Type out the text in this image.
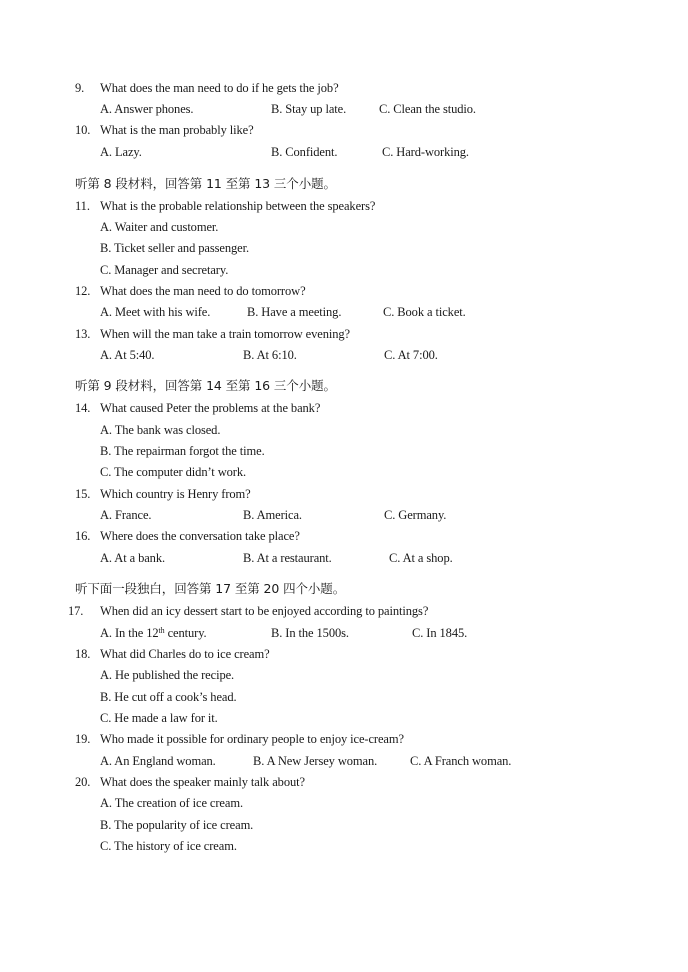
9. What does the man need to do if he gets the job?
A. Answer phones.	B. Stay up late.	C. Clean the studio.
10. What is the man probably like?
A. Lazy.	B. Confident.	C. Hard-working.
听第 8 段材料，回答第 11 至第 13 三个小题。
11. What is the probable relationship between the speakers?
A. Waiter and customer.
B. Ticket seller and passenger.
C. Manager and secretary.
12. What does the man need to do tomorrow?
A. Meet with his wife.	B. Have a meeting.	C. Book a ticket.
13. When will the man take a train tomorrow evening?
A. At 5:40.	B. At 6:10.	C. At 7:00.
听第 9 段材料，回答第 14 至第 16 三个小题。
14. What caused Peter the problems at the bank?
A. The bank was closed.
B. The repairman forgot the time.
C. The computer didn’t work.
15. Which country is Henry from?
A. France.	B. America.	C. Germany.
16. Where does the conversation take place?
A. At a bank.	B. At a restaurant.	C. At a shop.
听下面一段独白，回答第 17 至第 20 四个小题。
17. When did an icy dessert start to be enjoyed according to paintings?
A. In the 12th century.	B. In the 1500s.	C. In 1845.
18. What did Charles do to ice cream?
A. He published the recipe.
B. He cut off a cook’s head.
C. He made a law for it.
19. Who made it possible for ordinary people to enjoy ice-cream?
A. An England woman.	B. A New Jersey woman.	C. A Franch woman.
20. What does the speaker mainly talk about?
A. The creation of ice cream.
B. The popularity of ice cream.
C. The history of ice cream.
